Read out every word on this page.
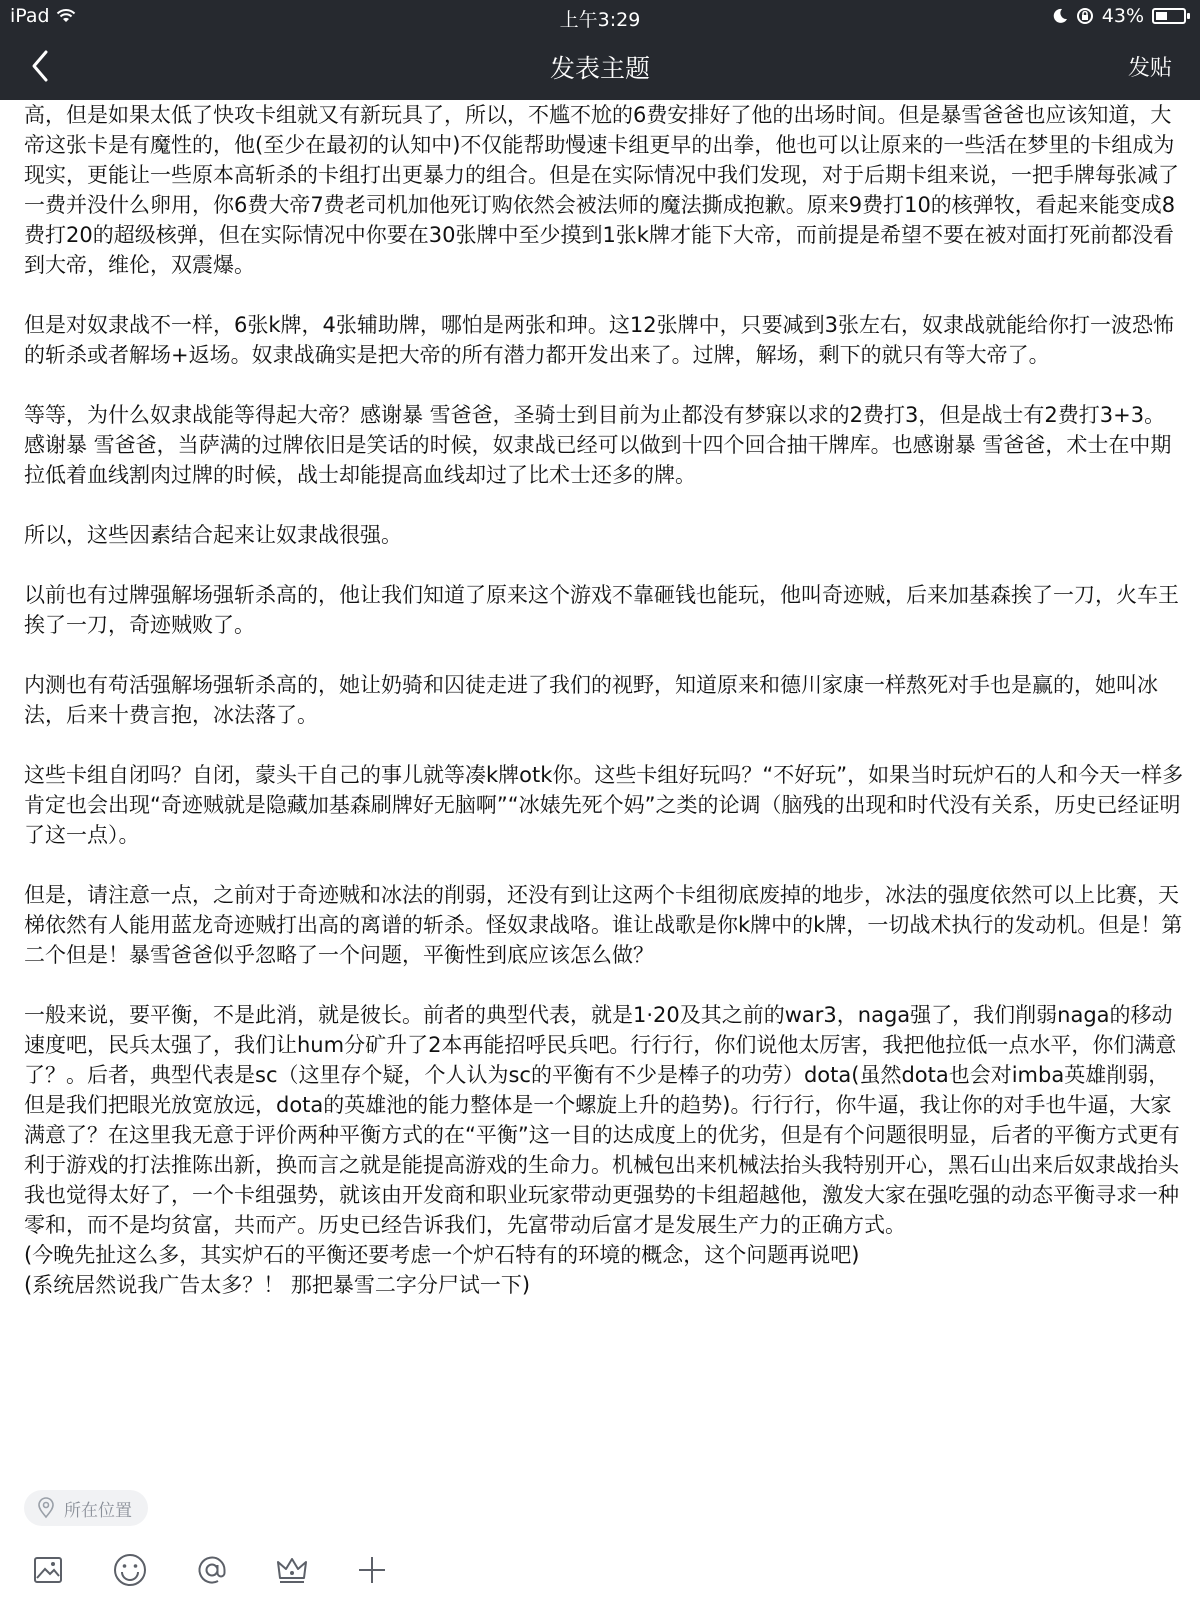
iPad	上午3:29	43%
发表主题	发贴

高，但是如果太低了快攻卡组就又有新玩具了，所以，不尴不尬的6费安排好了他的出场时间。但是暴雪爸爸也应该知道，大帝这张卡是有魔性的，他(至少在最初的认知中)不仅能帮助慢速卡组更早的出拳，他也可以让原来的一些活在梦里的卡组成为现实，更能让一些原本高斩杀的卡组打出更暴力的组合。但是在实际情况中我们发现，对于后期卡组来说，一把手牌每张减了一费并没什么卵用，你6费大帝7费老司机加他死订购依然会被法师的魔法撕成抱歉。原来9费打10的核弹牧，看起来能变成8费打20的超级核弹，但在实际情况中你要在30张牌中至少摸到1张k牌才能下大帝，而前提是希望不要在被对面打死前都没看到大帝，维伦，双震爆。

但是对奴隶战不一样，6张k牌，4张辅助牌，哪怕是两张和珅。这12张牌中，只要减到3张左右，奴隶战就能给你打一波恐怖的斩杀或者解场+返场。奴隶战确实是把大帝的所有潜力都开发出来了。过牌，解场，剩下的就只有等大帝了。

等等，为什么奴隶战能等得起大帝？感谢暴 雪爸爸，圣骑士到目前为止都没有梦寐以求的2费打3，但是战士有2费打3+3。感谢暴 雪爸爸，当萨满的过牌依旧是笑话的时候，奴隶战已经可以做到十四个回合抽干牌库。也感谢暴 雪爸爸，术士在中期拉低着血线割肉过牌的时候，战士却能提高血线却过了比术士还多的牌。

所以，这些因素结合起来让奴隶战很强。

以前也有过牌强解场强斩杀高的，他让我们知道了原来这个游戏不靠砸钱也能玩，他叫奇迹贼，后来加基森挨了一刀，火车王挨了一刀，奇迹贼败了。

内测也有苟活强解场强斩杀高的，她让奶骑和囚徒走进了我们的视野，知道原来和德川家康一样熬死对手也是赢的，她叫冰法，后来十费言抱，冰法落了。

这些卡组自闭吗？自闭，蒙头干自己的事儿就等凑k牌otk你。这些卡组好玩吗？“不好玩”，如果当时玩炉石的人和今天一样多肯定也会出现“奇迹贼就是隐藏加基森刷牌好无脑啊”“冰婊先死个妈”之类的论调（脑残的出现和时代没有关系，历史已经证明了这一点）。

但是，请注意一点，之前对于奇迹贼和冰法的削弱，还没有到让这两个卡组彻底废掉的地步，冰法的强度依然可以上比赛，天梯依然有人能用蓝龙奇迹贼打出高的离谱的斩杀。怪奴隶战咯。谁让战歌是你k牌中的k牌，一切战术执行的发动机。但是！第二个但是！暴雪爸爸似乎忽略了一个问题，平衡性到底应该怎么做？

一般来说，要平衡，不是此消，就是彼长。前者的典型代表，就是1·20及其之前的war3，naga强了，我们削弱naga的移动速度吧，民兵太强了，我们让hum分矿升了2本再能招呼民兵吧。行行行，你们说他太厉害，我把他拉低一点水平，你们满意了？。后者，典型代表是sc（这里存个疑，个人认为sc的平衡有不少是棒子的功劳）dota(虽然dota也会对imba英雄削弱，但是我们把眼光放宽放远，dota的英雄池的能力整体是一个螺旋上升的趋势)。行行行，你牛逼，我让你的对手也牛逼，大家满意了？在这里我无意于评价两种平衡方式的在“平衡”这一目的达成度上的优劣，但是有个问题很明显，后者的平衡方式更有利于游戏的打法推陈出新，换而言之就是能提高游戏的生命力。机械包出来机械法抬头我特别开心，黑石山出来后奴隶战抬头我也觉得太好了，一个卡组强势，就该由开发商和职业玩家带动更强势的卡组超越他，激发大家在强吃强的动态平衡寻求一种零和，而不是均贫富，共而产。历史已经告诉我们，先富带动后富才是发展生产力的正确方式。

(今晚先扯这么多，其实炉石的平衡还要考虑一个炉石特有的环境的概念，这个问题再说吧)

(系统居然说我广告太多？！ 那把暴雪二字分尸试一下)

所在位置
